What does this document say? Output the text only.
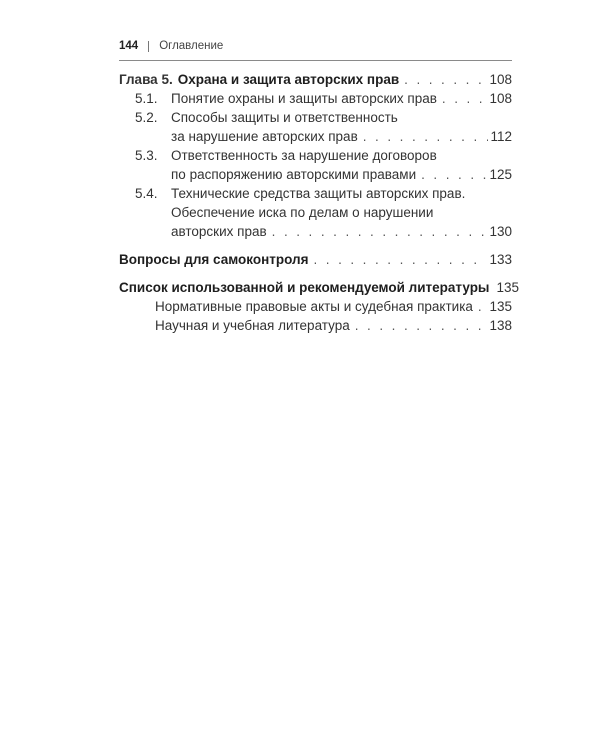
144 Оглавление
Глава 5. Охрана и защита авторских прав . . .	108
5.1. Понятие охраны и защиты авторских прав . . .	108
5.2. Способы защиты и ответственность
за нарушение авторских прав . . .	112
5.3. Ответственность за нарушение договоров
по распоряжению авторскими правами . . .	125
5.4. Технические средства защиты авторских прав.
Обеспечение иска по делам о нарушении
авторских прав . . .	130
Вопросы для самоконтроля . . .	133
Список использованной и рекомендуемой литературы 135
Нормативные правовые акты и судебная практика . . . 135
Научная и учебная литература . . .	138
